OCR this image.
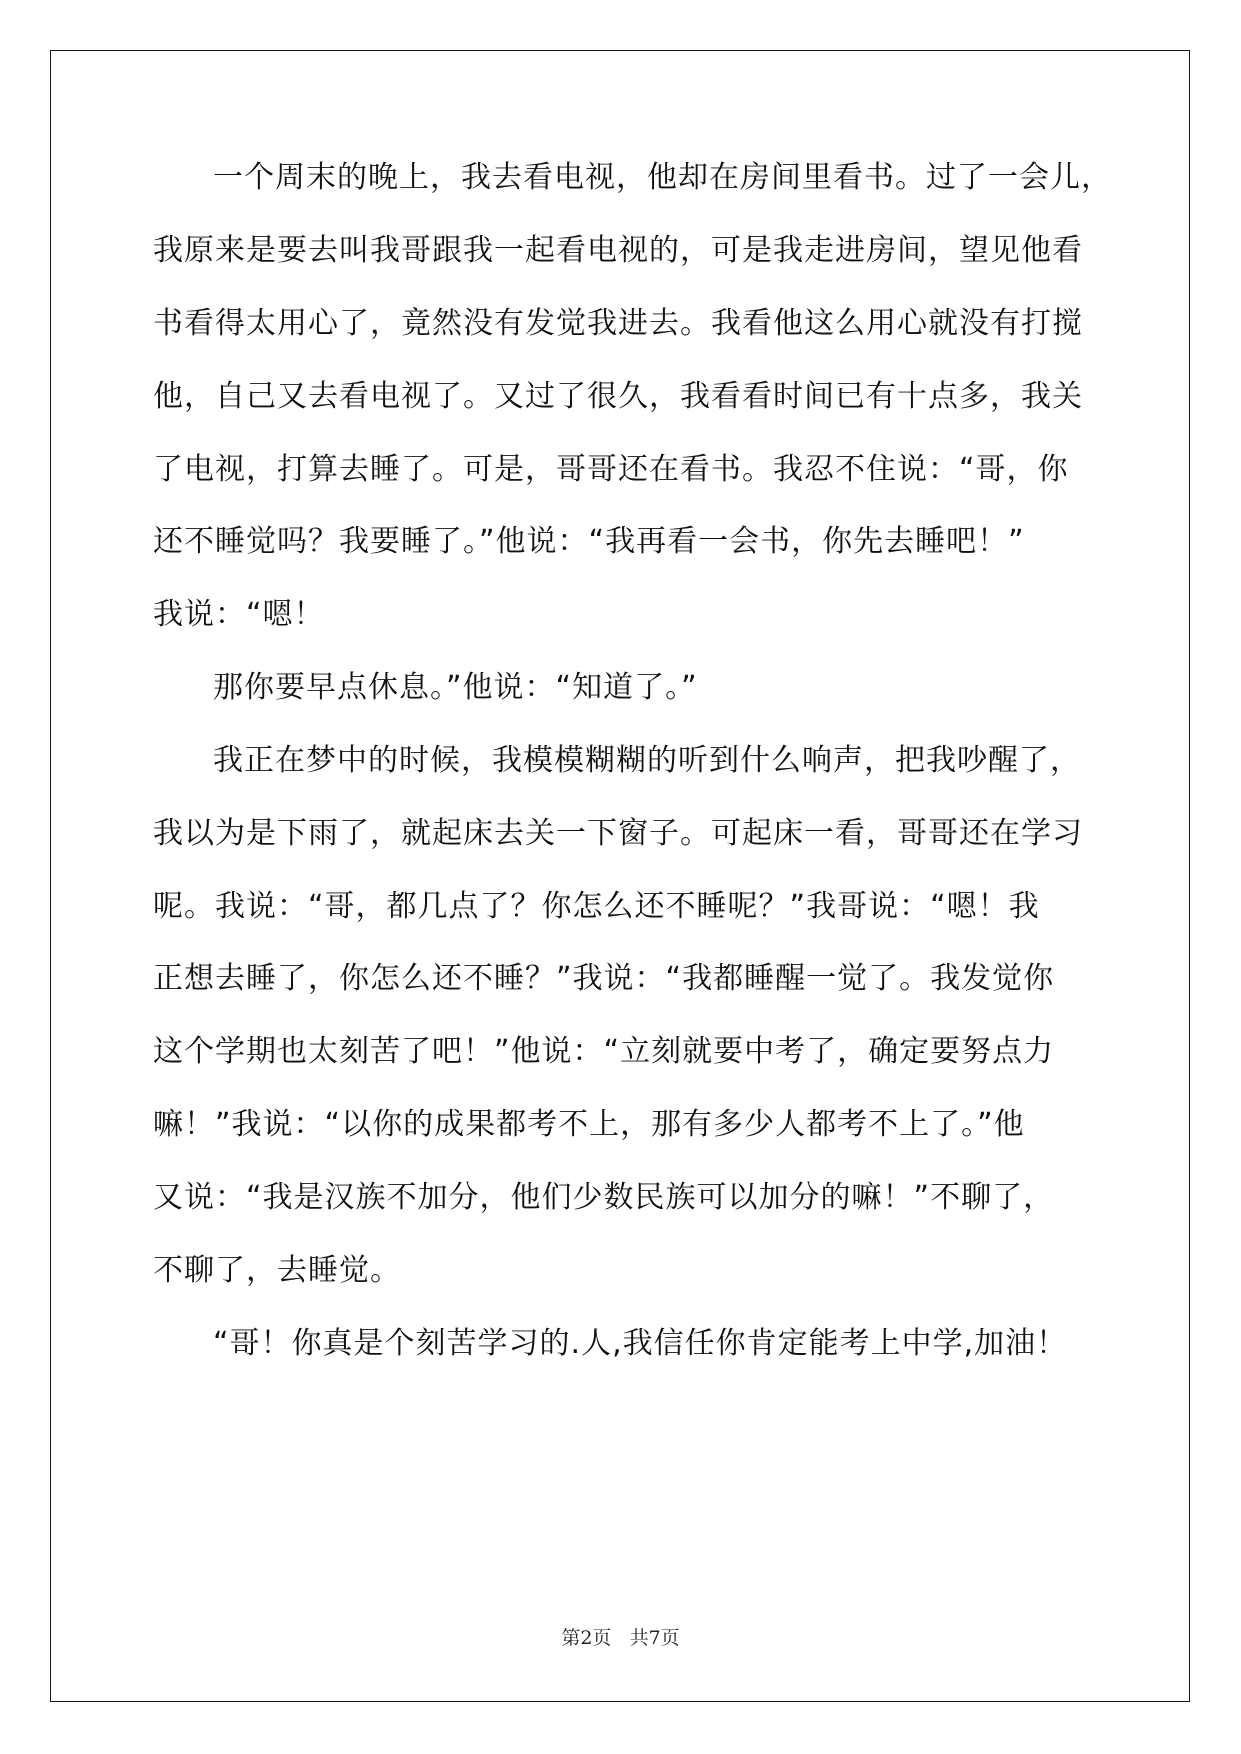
一个周末的晚上，我去看电视，他却在房间里看书。过了一会儿，
我原来是要去叫我哥跟我一起看电视的，可是我走进房间，望见他看
书看得太用心了，竟然没有发觉我进去。我看他这么用心就没有打搅
他，自己又去看电视了。又过了很久，我看看时间已有十点多，我关
了电视，打算去睡了。可是，哥哥还在看书。我忍不住说：“哥，你
还不睡觉吗？我要睡了。”他说：“我再看一会书，你先去睡吧！”
我说：“嗯！
那你要早点休息。”他说：“知道了。”
我正在梦中的时候，我模模糊糊的听到什么响声，把我吵醒了，
我以为是下雨了，就起床去关一下窗子。可起床一看，哥哥还在学习
呢。我说：“哥，都几点了？你怎么还不睡呢？”我哥说：“嗯！我
正想去睡了，你怎么还不睡？”我说：“我都睡醒一觉了。我发觉你
这个学期也太刻苦了吧！”他说：“立刻就要中考了，确定要努点力
嘛！”我说：“以你的成果都考不上，那有多少人都考不上了。”他
又说：“我是汉族不加分，他们少数民族可以加分的嘛！”不聊了，
不聊了，去睡觉。
“哥！你真是个刻苦学习的.人,我信任你肯定能考上中学,加油！
第2页 共7页
